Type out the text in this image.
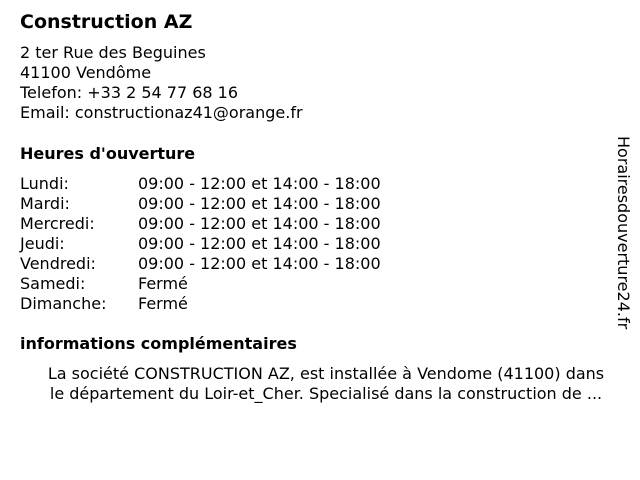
Construction AZ
2 ter Rue des Beguines
41100 Vendôme
Telefon: +33 2 54 77 68 16
Email: constructionaz41@orange.fr
Heures d'ouverture
Lundi:	09:00 - 12:00 et 14:00 - 18:00
Mardi:	09:00 - 12:00 et 14:00 - 18:00
Mercredi:	09:00 - 12:00 et 14:00 - 18:00
Jeudi:	09:00 - 12:00 et 14:00 - 18:00
Vendredi:	09:00 - 12:00 et 14:00 - 18:00
Samedi:	Fermé
Dimanche: Fermé
informations complémentaires
La société CONSTRUCTION AZ, est installée à Vendome (41100) dans
le département du Loir-et_Cher. Specialisé dans la construction de ...
Horairesdouverture24.fr
